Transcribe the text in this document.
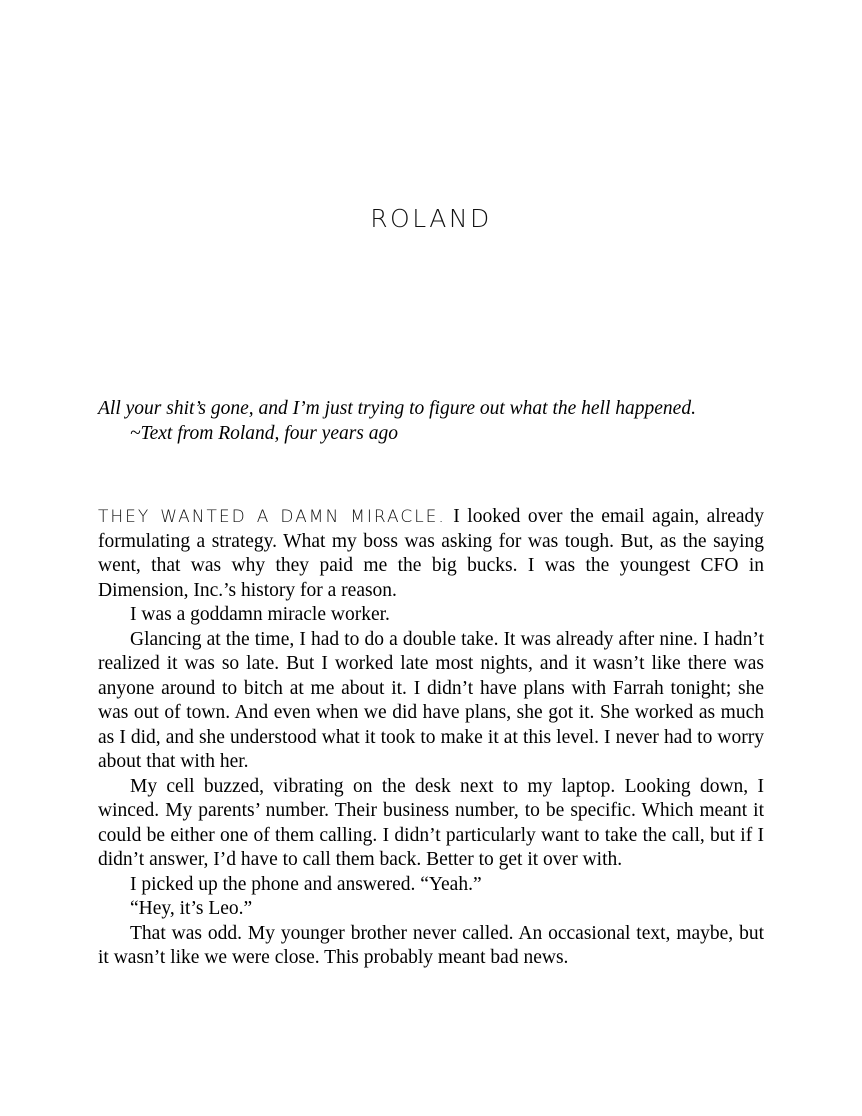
ROLAND

All your shit’s gone, and I’m just trying to figure out what the hell happened.

~Text from Roland, four years ago

THEY WANTED A DAMN MIRACLE. I looked over the email again, already formulating a strategy. What my boss was asking for was tough. But, as the saying went, that was why they paid me the big bucks. I was the youngest CFO in Dimension, Inc.’s history for a reason.

I was a goddamn miracle worker.

Glancing at the time, I had to do a double take. It was already after nine. I hadn’t realized it was so late. But I worked late most nights, and it wasn’t like there was anyone around to bitch at me about it. I didn’t have plans with Farrah tonight; she was out of town. And even when we did have plans, she got it. She worked as much as I did, and she understood what it took to make it at this level. I never had to worry about that with her.

My cell buzzed, vibrating on the desk next to my laptop. Looking down, I winced. My parents’ number. Their business number, to be specific. Which meant it could be either one of them calling. I didn’t particularly want to take the call, but if I didn’t answer, I’d have to call them back. Better to get it over with.

I picked up the phone and answered. “Yeah.”

“Hey, it’s Leo.”

That was odd. My younger brother never called. An occasional text, maybe, but it wasn’t like we were close. This probably meant bad news.
